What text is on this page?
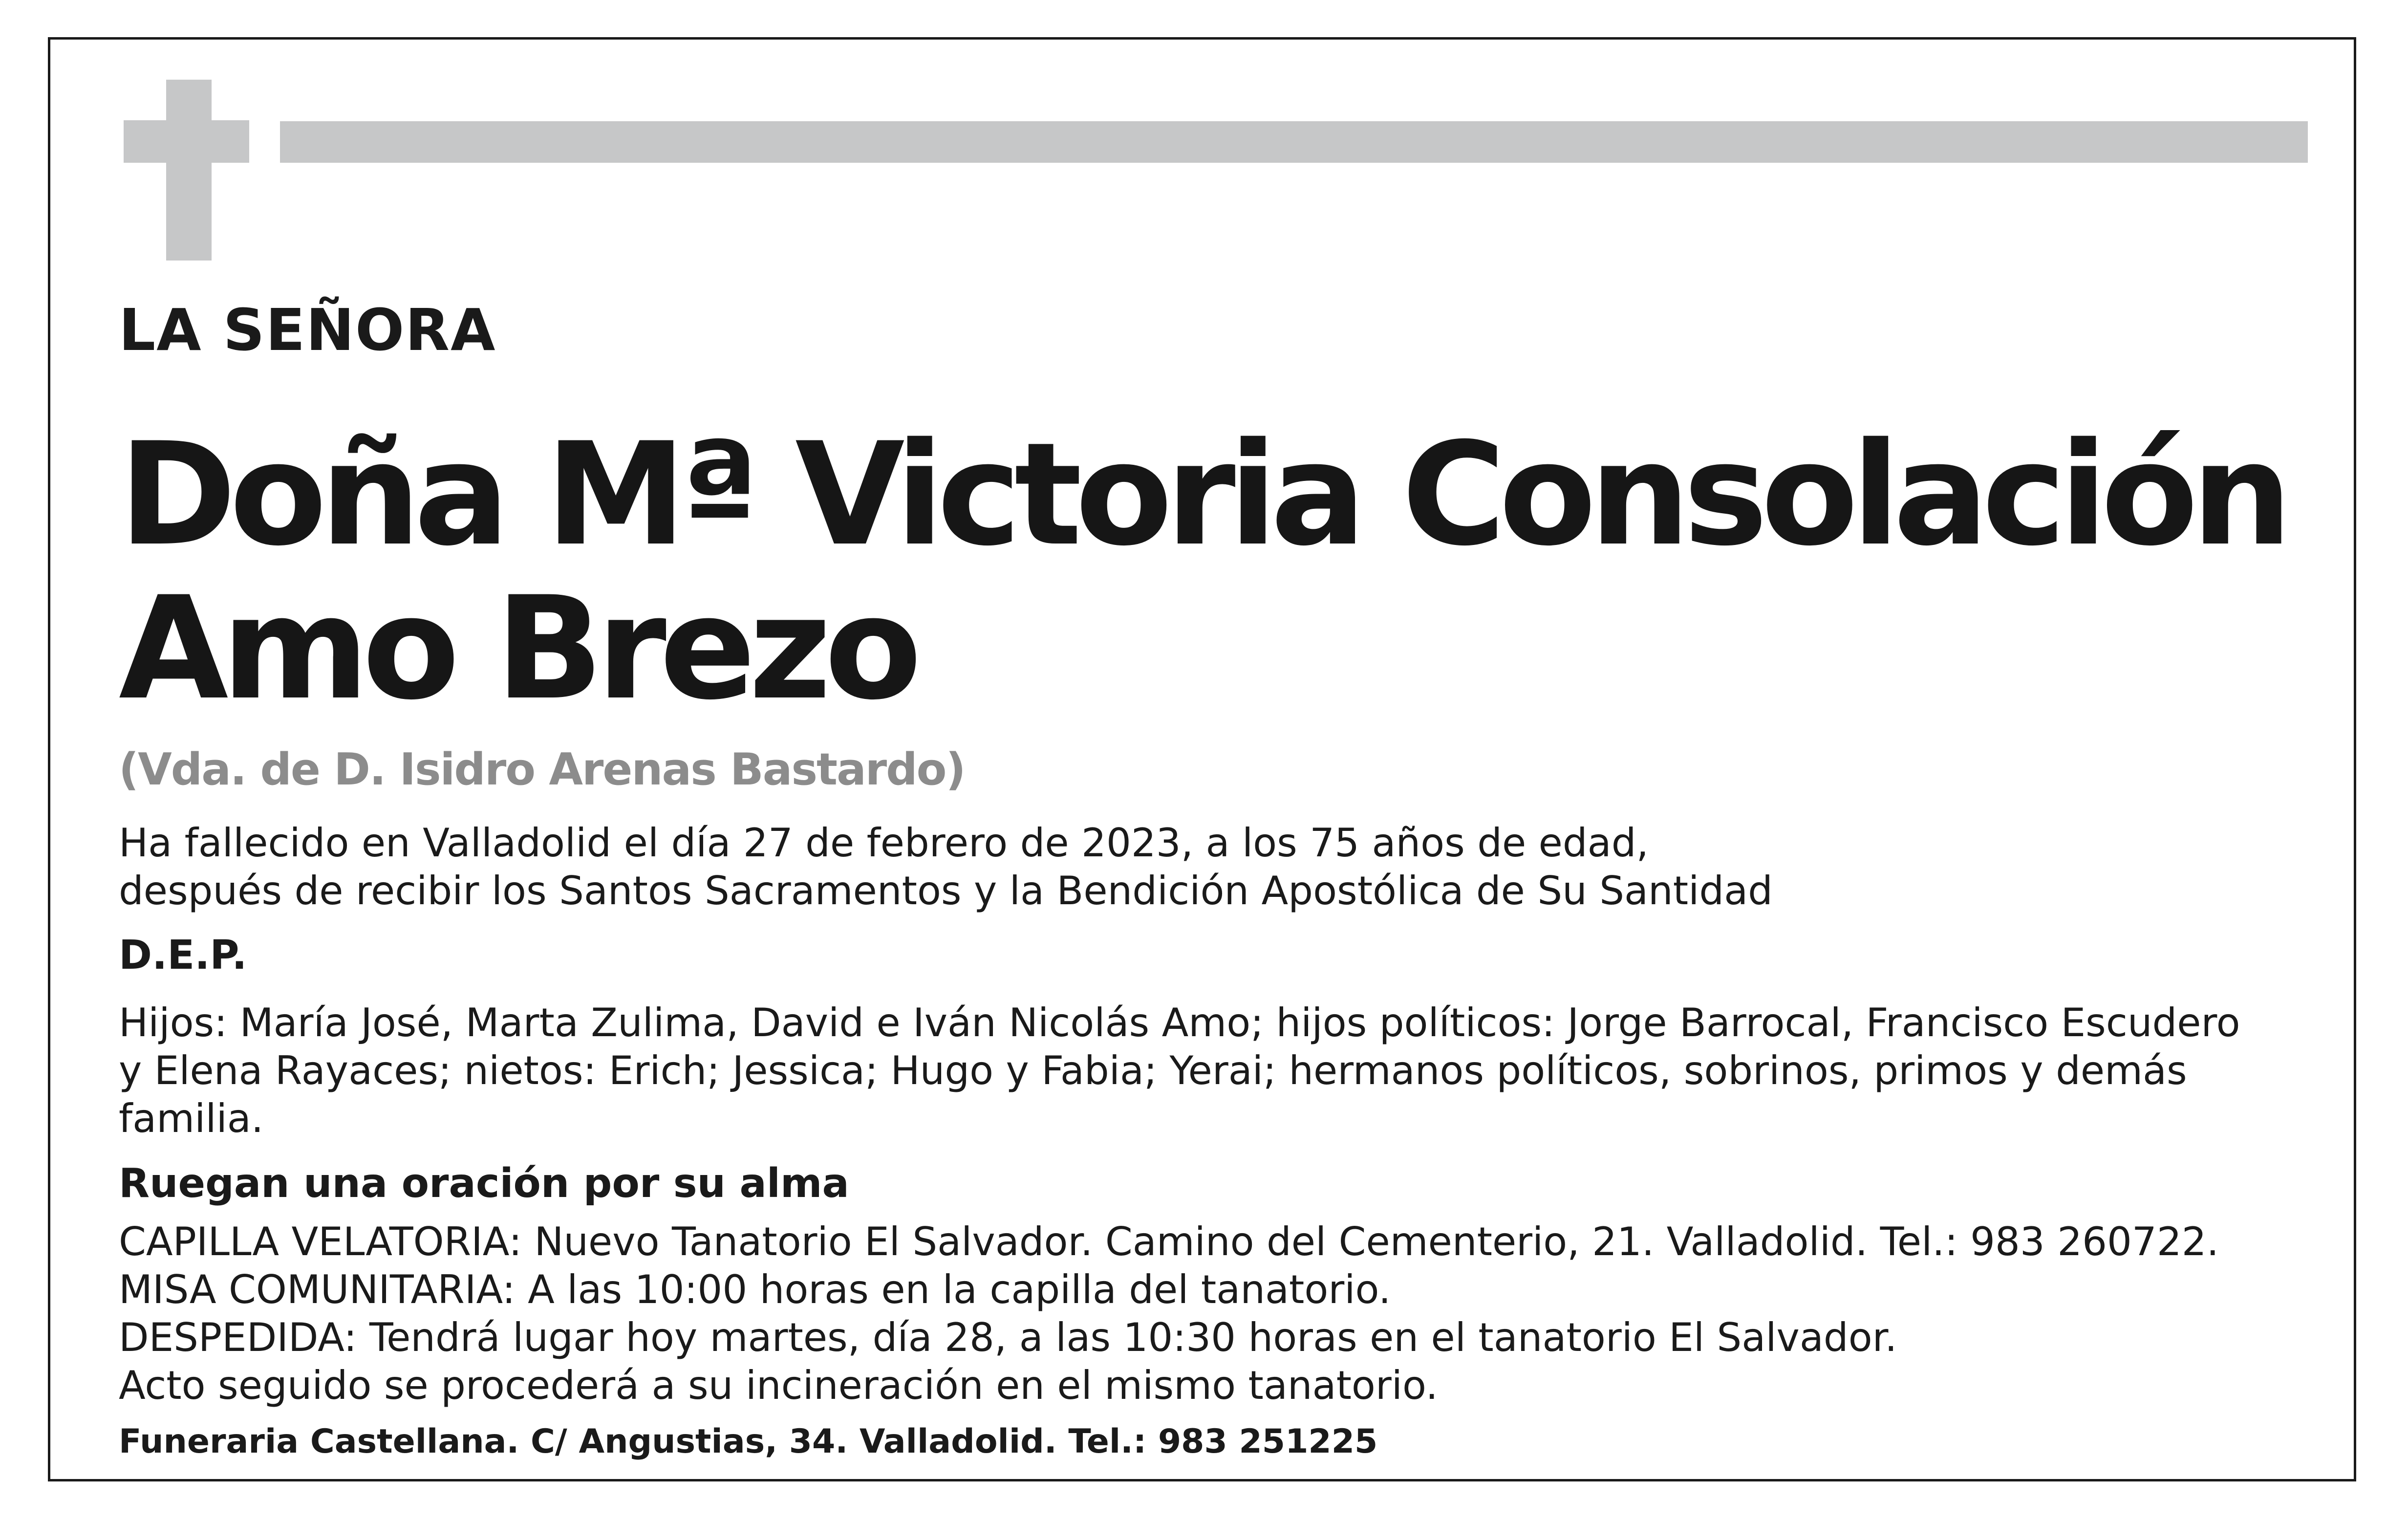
LA SEÑORA

Doña Mª Victoria Consolación
Amo Brezo

(Vda. de D. Isidro Arenas Bastardo)

Ha fallecido en Valladolid el día 27 de febrero de 2023, a los 75 años de edad,
después de recibir los Santos Sacramentos y la Bendición Apostólica de Su Santidad

D.E.P.

Hijos: María José, Marta Zulima, David e Iván Nicolás Amo; hijos políticos: Jorge Barrocal, Francisco Escudero
y Elena Rayaces; nietos: Erich; Jessica; Hugo y Fabia; Yerai; hermanos políticos, sobrinos, primos y demás
familia.

Ruegan una oración por su alma

CAPILLA VELATORIA: Nuevo Tanatorio El Salvador. Camino del Cementerio, 21. Valladolid. Tel.: 983 260722.
MISA COMUNITARIA: A las 10:00 horas en la capilla del tanatorio.
DESPEDIDA: Tendrá lugar hoy martes, día 28, a las 10:30 horas en el tanatorio El Salvador.
Acto seguido se procederá a su incineración en el mismo tanatorio.

Funeraria Castellana. C/ Angustias, 34. Valladolid. Tel.: 983 251225
